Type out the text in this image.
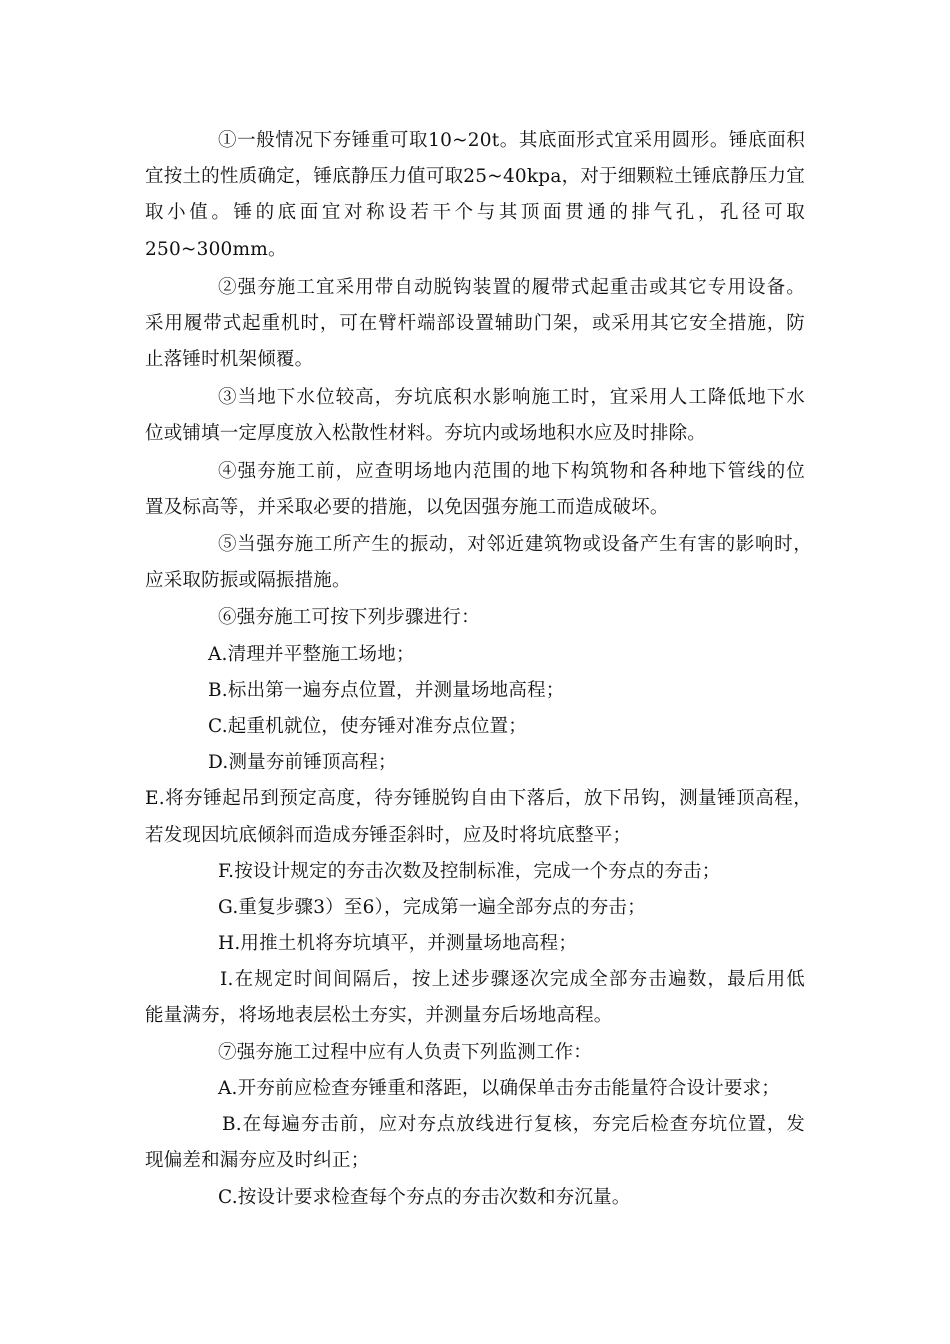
①一般情况下夯锤重可取10~20t。其底面形式宜采用圆形。锤底面积
宜按土的性质确定，锤底静压力值可取25~40kpa，对于细颗粒土锤底静压力宜
取小值。锤的底面宜对称设若干个与其顶面贯通的排气孔，孔径可取
250~300mm。
②强夯施工宜采用带自动脱钩装置的履带式起重击或其它专用设备。
采用履带式起重机时，可在臂杆端部设置辅助门架，或采用其它安全措施，防
止落锤时机架倾覆。
③当地下水位较高，夯坑底积水影响施工时，宜采用人工降低地下水
位或铺填一定厚度放入松散性材料。夯坑内或场地积水应及时排除。
④强夯施工前，应查明场地内范围的地下构筑物和各种地下管线的位
置及标高等，并采取必要的措施，以免因强夯施工而造成破坏。
⑤当强夯施工所产生的振动，对邻近建筑物或设备产生有害的影响时，
应采取防振或隔振措施。
⑥强夯施工可按下列步骤进行：
A.清理并平整施工场地；
B.标出第一遍夯点位置，并测量场地高程；
C.起重机就位，使夯锤对准夯点位置；
D.测量夯前锤顶高程；
E.将夯锤起吊到预定高度，待夯锤脱钩自由下落后，放下吊钩，测量锤顶高程，
若发现因坑底倾斜而造成夯锤歪斜时，应及时将坑底整平；
F.按设计规定的夯击次数及控制标准，完成一个夯点的夯击；
G.重复步骤3）至6），完成第一遍全部夯点的夯击；
H.用推土机将夯坑填平，并测量场地高程；
I.在规定时间间隔后，按上述步骤逐次完成全部夯击遍数，最后用低
能量满夯，将场地表层松土夯实，并测量夯后场地高程。
⑦强夯施工过程中应有人负责下列监测工作：
A.开夯前应检查夯锤重和落距，以确保单击夯击能量符合设计要求；
B.在每遍夯击前，应对夯点放线进行复核，夯完后检查夯坑位置，发
现偏差和漏夯应及时纠正；
C.按设计要求检查每个夯点的夯击次数和夯沉量。
